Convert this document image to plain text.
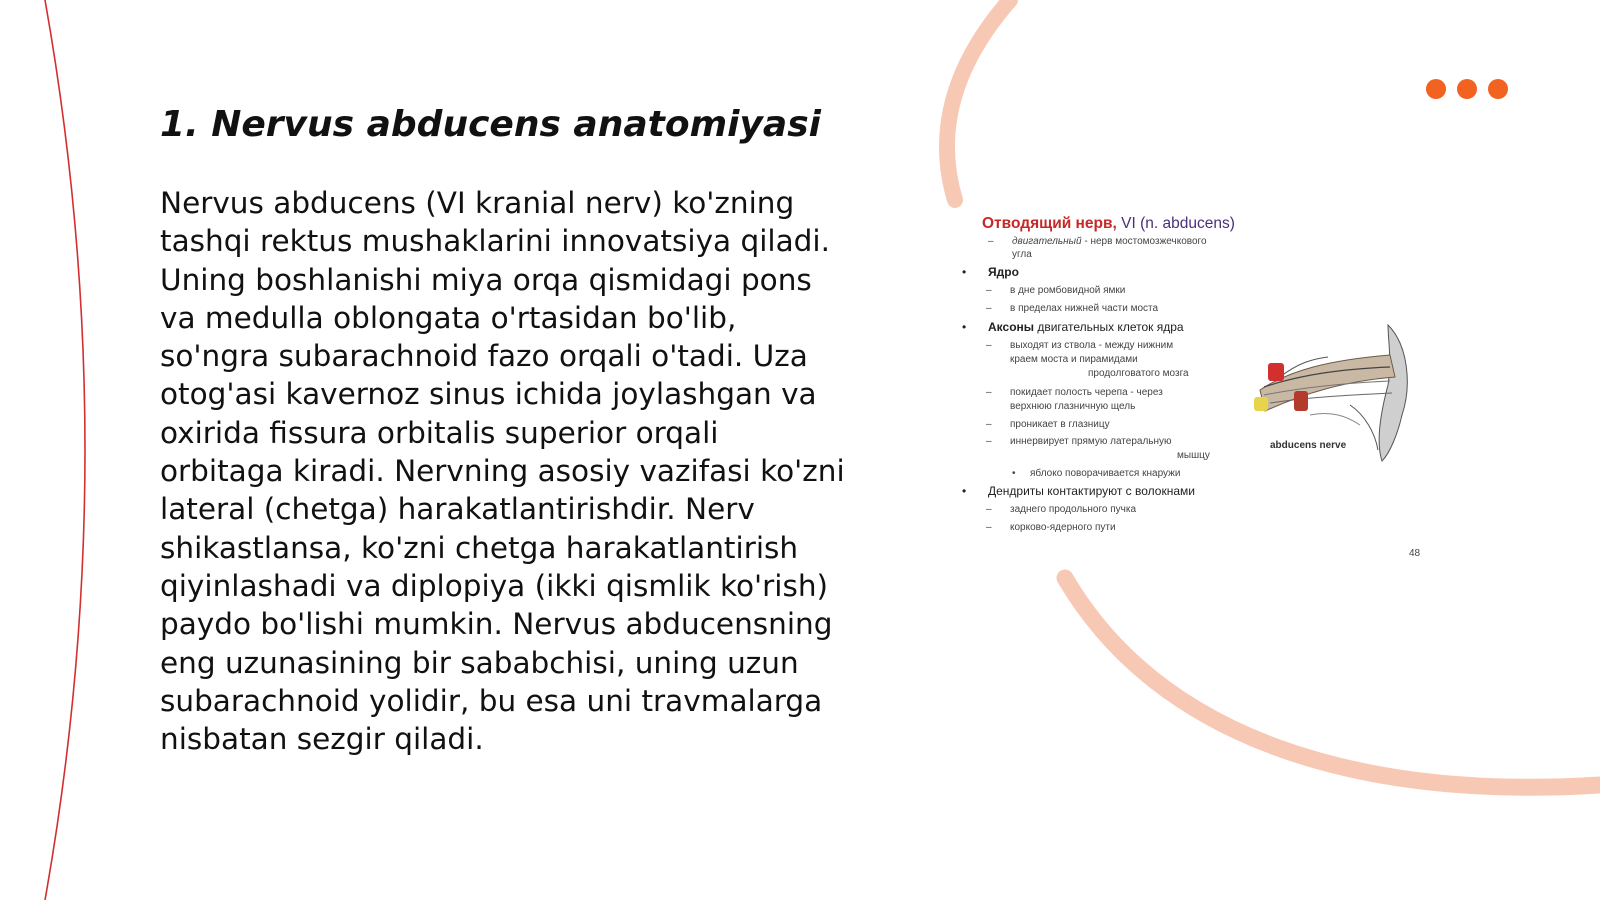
1. Nervus abducens anatomiyasi

Nervus abducens (VI kranial nerv) ko'zning tashqi rektus mushaklarini innovatsiya qiladi. Uning boshlanishi miya orqa qismidagi pons va medulla oblongata o'rtasidan bo'lib, so'ngra subarachnoid fazo orqali o'tadi. Uza otog'asi kavernoz sinus ichida joylashgan va oxirida fissura orbitalis superior orqali orbitaga kiradi. Nervning asosiy vazifasi ko'zni lateral (chetga) harakatlantirishdir. Nerv shikastlansa, ko'zni chetga harakatlantirish qiyinlashadi va diplopiya (ikki qismlik ko'rish) paydo bo'lishi mumkin. Nervus abducensning eng uzunasining bir sababchisi, uning uzun subarachnoid yolidir, bu esa uni travmalarga nisbatan sezgir qiladi.

Отводящий нерв, VI (n. abducens)
– двигательный - нерв мостомозжечкового
угла
• Ядро
– в дне ромбовидной ямки
– в пределах нижней части моста
• Аксоны двигательных клеток ядра
– выходят из ствола - между нижним
краем моста и пирамидами
продолговатого мозга
– покидает полость черепа - через
верхнюю глазничную щель
– проникает в глазницу
– иннервирует прямую латеральную
мышцу
• яблоко поворачивается кнаружи
• Дендриты контактируют с волокнами
– заднего продольного пучка
– корково-ядерного пути
abducens nerve
48
